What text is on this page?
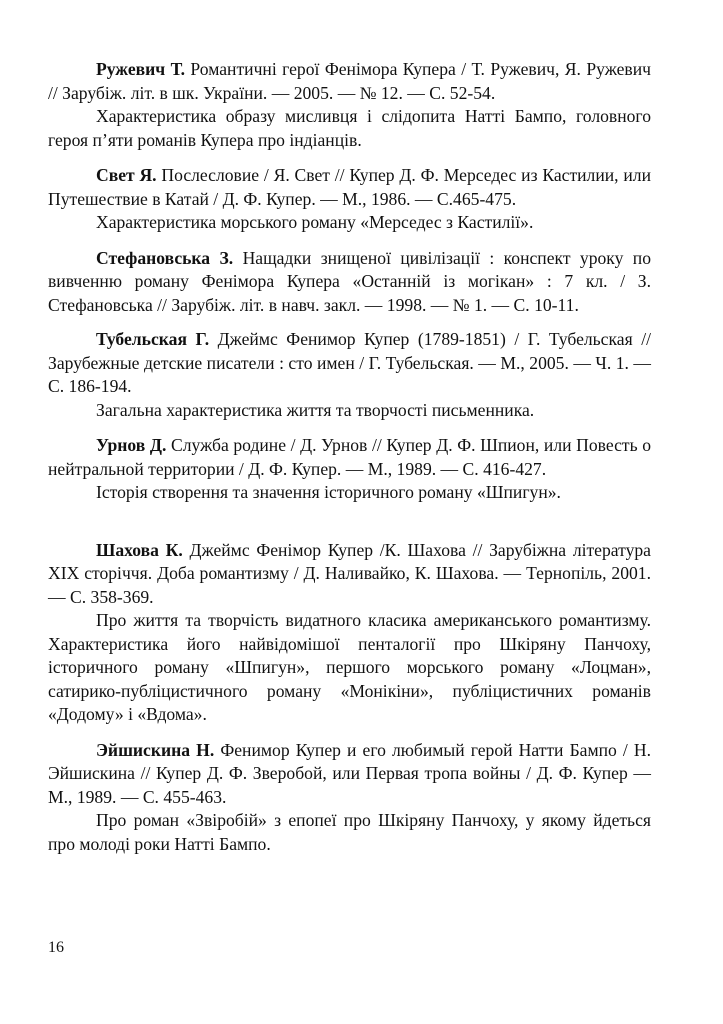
Ружевич Т. Романтичні герої Фенімора Купера / Т. Ружевич, Я. Ружевич // Зарубіж. літ. в шк. України. — 2005. — № 12. — С. 52-54.

Характеристика образу мисливця і слідопита Натті Бампо, головного героя п’яти романів Купера про індіанців.

Свет Я. Послесловие / Я. Свет // Купер Д. Ф. Мерседес из Кастилии, или Путешествие в Катай / Д. Ф. Купер. — М., 1986. — С.465-475.

Характеристика морського роману «Мерседес з Кастилії».

Стефановська З. Нащадки знищеної цивілізації : конспект уроку по вивченню роману Фенімора Купера «Останній із могікан» : 7 кл. / З. Стефановська // Зарубіж. літ. в навч. закл. — 1998. — № 1. — С. 10-11.

Тубельская Г. Джеймс Фенимор Купер (1789-1851) / Г. Тубельская // Зарубежные детские писатели : сто имен / Г. Тубельская. — М., 2005. — Ч. 1. — С. 186-194.

Загальна характеристика життя та творчості письменника.

Урнов Д. Служба родине / Д. Урнов // Купер Д. Ф. Шпион, или Повесть о нейтральной территории / Д. Ф. Купер. — М., 1989. — С. 416-427.

Історія створення та значення історичного роману «Шпигун».

Шахова К. Джеймс Фенімор Купер /К. Шахова // Зарубіжна література XIX сторіччя. Доба романтизму / Д. Наливайко, К. Шахова. — Тернопіль, 2001. — С. 358-369.

Про життя та творчість видатного класика американського романтизму. Характеристика його найвідомішої пенталогії про Шкіряну Панчоху, історичного роману «Шпигун», першого морського роману «Лоцман», сатирико-публіцистичного роману «Монікіни», публіцистичних романів «Додому» і «Вдома».

Эйшискина Н. Фенимор Купер и его любимый герой Натти Бампо / Н. Эйшискина // Купер Д. Ф. Зверобой, или Первая тропа войны / Д. Ф. Купер — М., 1989. — С. 455-463.

Про роман «Звіробій» з епопеї про Шкіряну Панчоху, у якому йдеться про молоді роки Натті Бампо.

16
